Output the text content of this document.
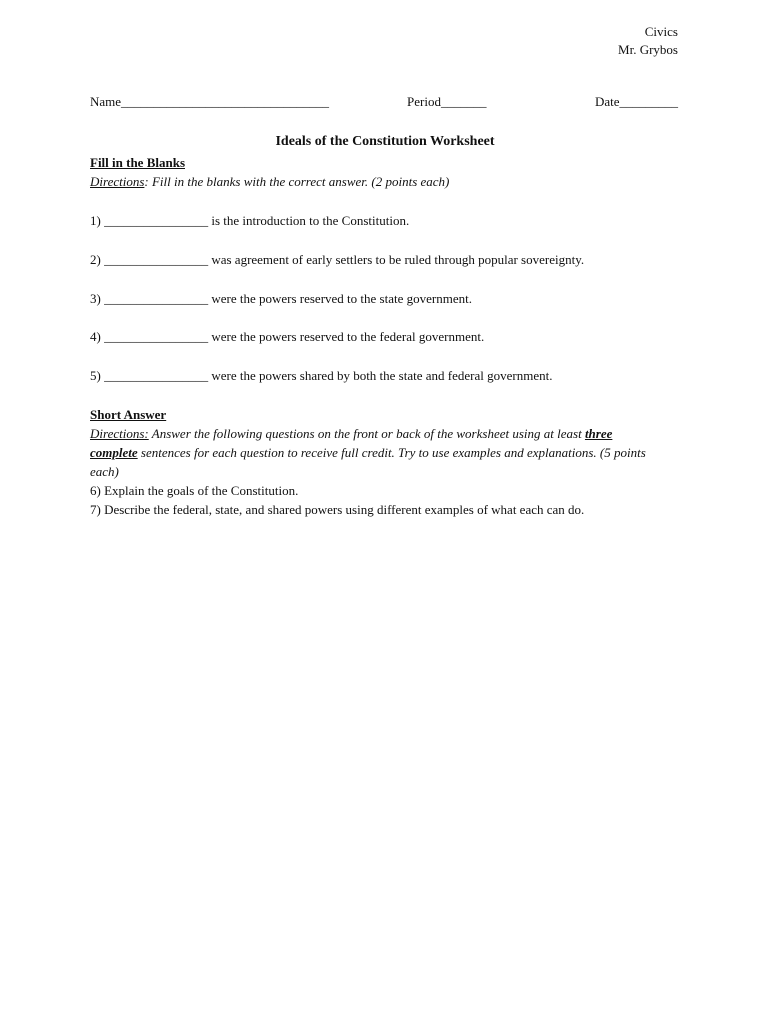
Civics
Mr. Grybos
Name________________________________	Period_______	Date_________
Ideals of the Constitution Worksheet
Fill in the Blanks
Directions: Fill in the blanks with the correct answer. (2 points each)
1) ________________ is the introduction to the Constitution.
2) ________________ was agreement of early settlers to be ruled through popular sovereignty.
3) ________________ were the powers reserved to the state government.
4) ________________ were the powers reserved to the federal government.
5) ________________ were the powers shared by both the state and federal government.
Short Answer
Directions: Answer the following questions on the front or back of the worksheet using at least three complete sentences for each question to receive full credit. Try to use examples and explanations. (5 points each)
6) Explain the goals of the Constitution.
7) Describe the federal, state, and shared powers using different examples of what each can do.
